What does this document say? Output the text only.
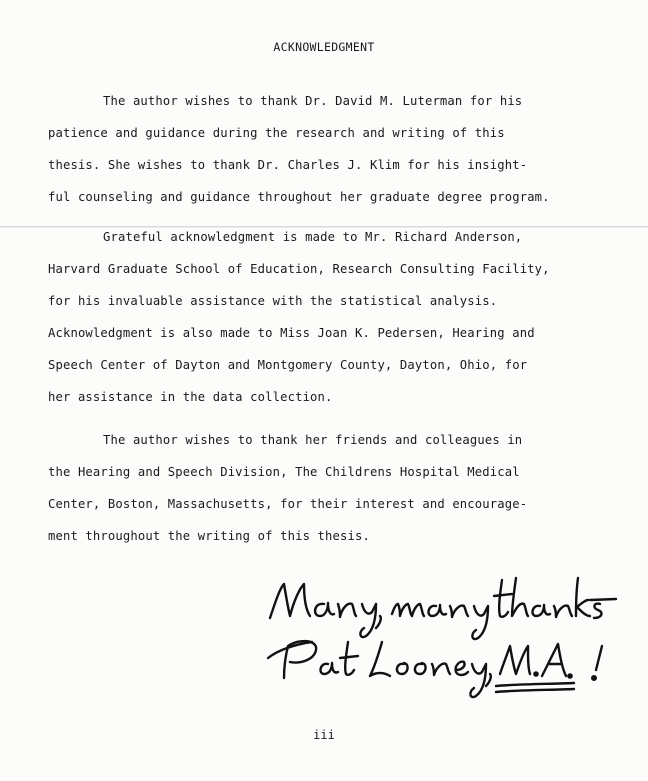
ACKNOWLEDGMENT
The author wishes to thank Dr. David M. Luterman for his
patience and guidance during the research and writing of this
thesis. She wishes to thank Dr. Charles J. Klim for his insight-
ful counseling and guidance throughout her graduate degree program.
Grateful acknowledgment is made to Mr. Richard Anderson,
Harvard Graduate School of Education, Research Consulting Facility,
for his invaluable assistance with the statistical analysis.
Acknowledgment is also made to Miss Joan K. Pedersen, Hearing and
Speech Center of Dayton and Montgomery County, Dayton, Ohio, for
her assistance in the data collection.
The author wishes to thank her friends and colleagues in
the Hearing and Speech Division, The Childrens Hospital Medical
Center, Boston, Massachusetts, for their interest and encourage-
ment throughout the writing of this thesis.
iii
